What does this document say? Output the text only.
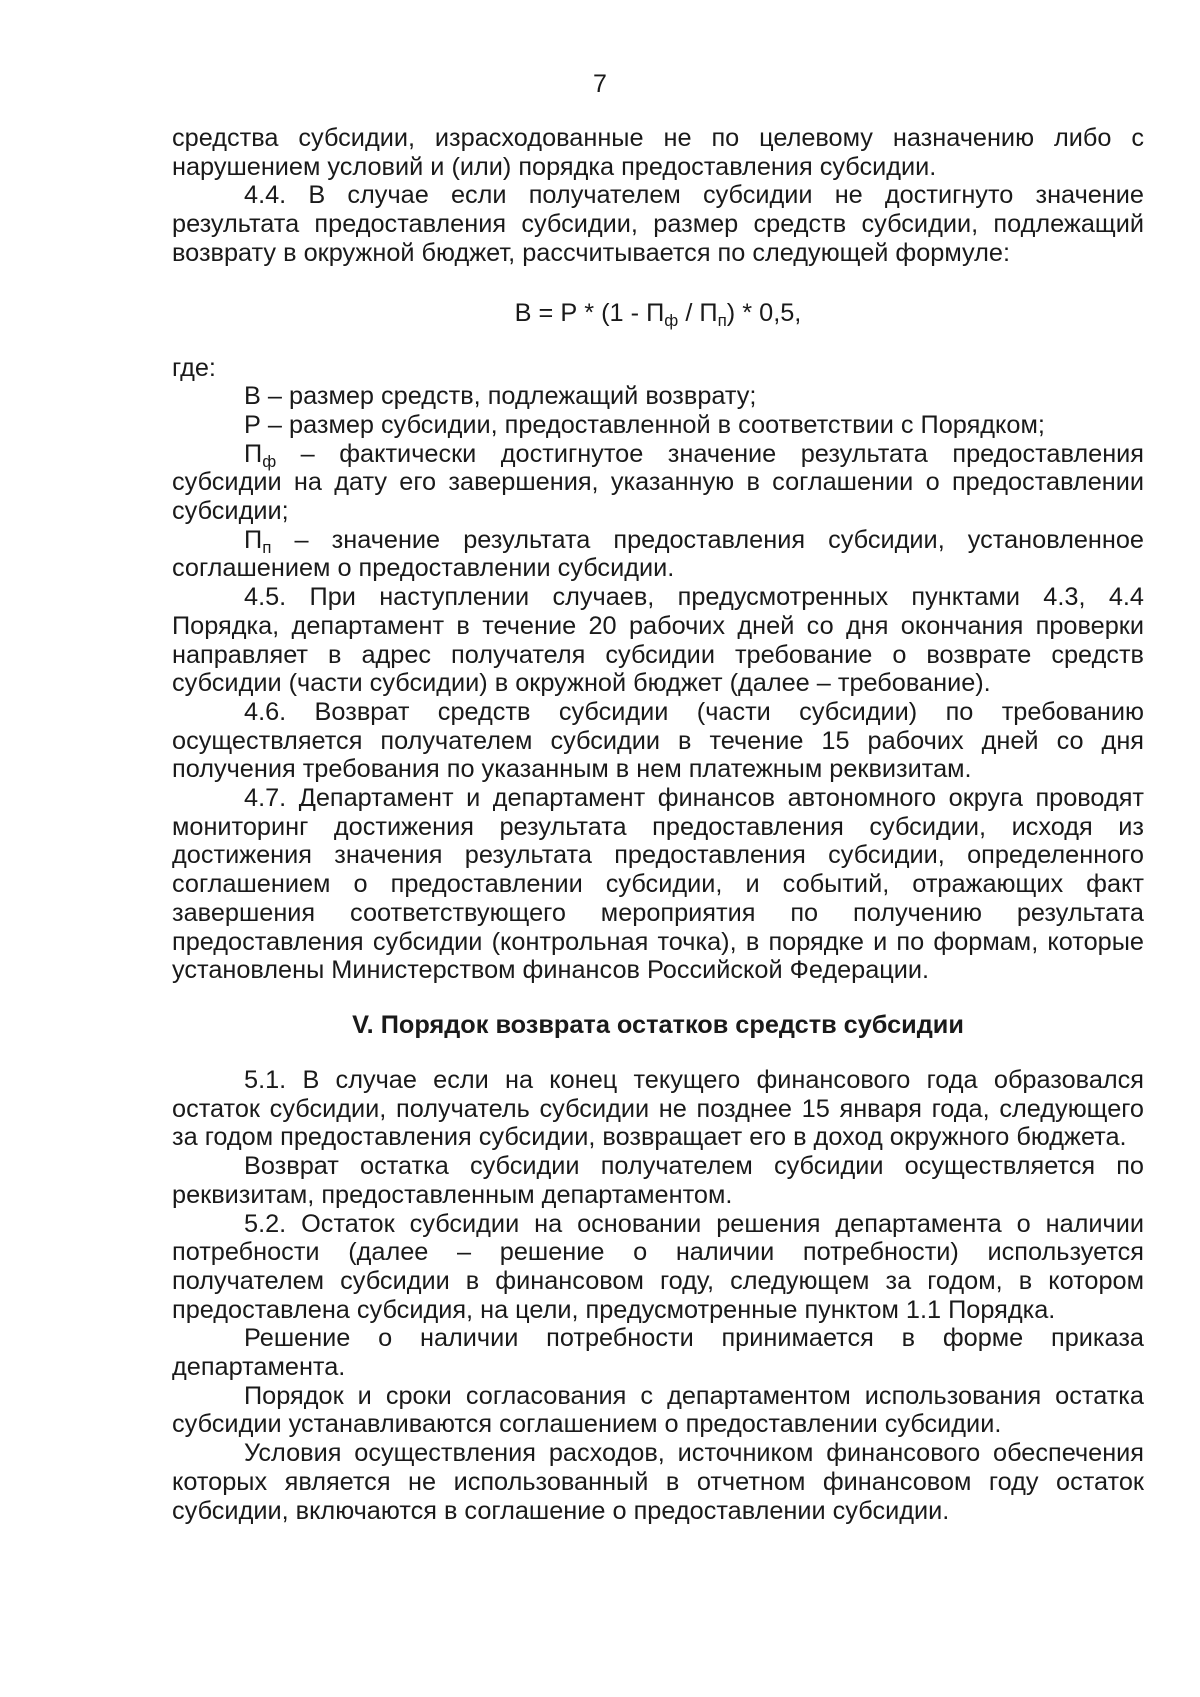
7

средства субсидии, израсходованные не по целевому назначению либо с нарушением условий и (или) порядка предоставления субсидии.

4.4. В случае если получателем субсидии не достигнуто значение результата предоставления субсидии, размер средств субсидии, подлежащий возврату в окружной бюджет, рассчитывается по следующей формуле:

$В = Р * (1 - П_ф / П_п) * 0,5$,

где:

В – размер средств, подлежащий возврату;

Р – размер субсидии, предоставленной в соответствии с Порядком;

$П_ф$ – фактически достигнутое значение результата предоставления субсидии на дату его завершения, указанную в соглашении о предоставлении субсидии;

$П_п$ – значение результата предоставления субсидии, установленное соглашением о предоставлении субсидии.

4.5. При наступлении случаев, предусмотренных пунктами 4.3, 4.4 Порядка, департамент в течение 20 рабочих дней со дня окончания проверки направляет в адрес получателя субсидии требование о возврате средств субсидии (части субсидии) в окружной бюджет (далее – требование).

4.6. Возврат средств субсидии (части субсидии) по требованию осуществляется получателем субсидии в течение 15 рабочих дней со дня получения требования по указанным в нем платежным реквизитам.

4.7. Департамент и департамент финансов автономного округа проводят мониторинг достижения результата предоставления субсидии, исходя из достижения значения результата предоставления субсидии, определенного соглашением о предоставлении субсидии, и событий, отражающих факт завершения соответствующего мероприятия по получению результата предоставления субсидии (контрольная точка), в порядке и по формам, которые установлены Министерством финансов Российской Федерации.

V. Порядок возврата остатков средств субсидии

5.1. В случае если на конец текущего финансового года образовался остаток субсидии, получатель субсидии не позднее 15 января года, следующего за годом предоставления субсидии, возвращает его в доход окружного бюджета.

Возврат остатка субсидии получателем субсидии осуществляется по реквизитам, предоставленным департаментом.

5.2. Остаток субсидии на основании решения департамента о наличии потребности (далее – решение о наличии потребности) используется получателем субсидии в финансовом году, следующем за годом, в котором предоставлена субсидия, на цели, предусмотренные пунктом 1.1 Порядка.

Решение о наличии потребности принимается в форме приказа департамента.

Порядок и сроки согласования с департаментом использования остатка субсидии устанавливаются соглашением о предоставлении субсидии.

Условия осуществления расходов, источником финансового обеспечения которых является не использованный в отчетном финансовом году остаток субсидии, включаются в соглашение о предоставлении субсидии.
